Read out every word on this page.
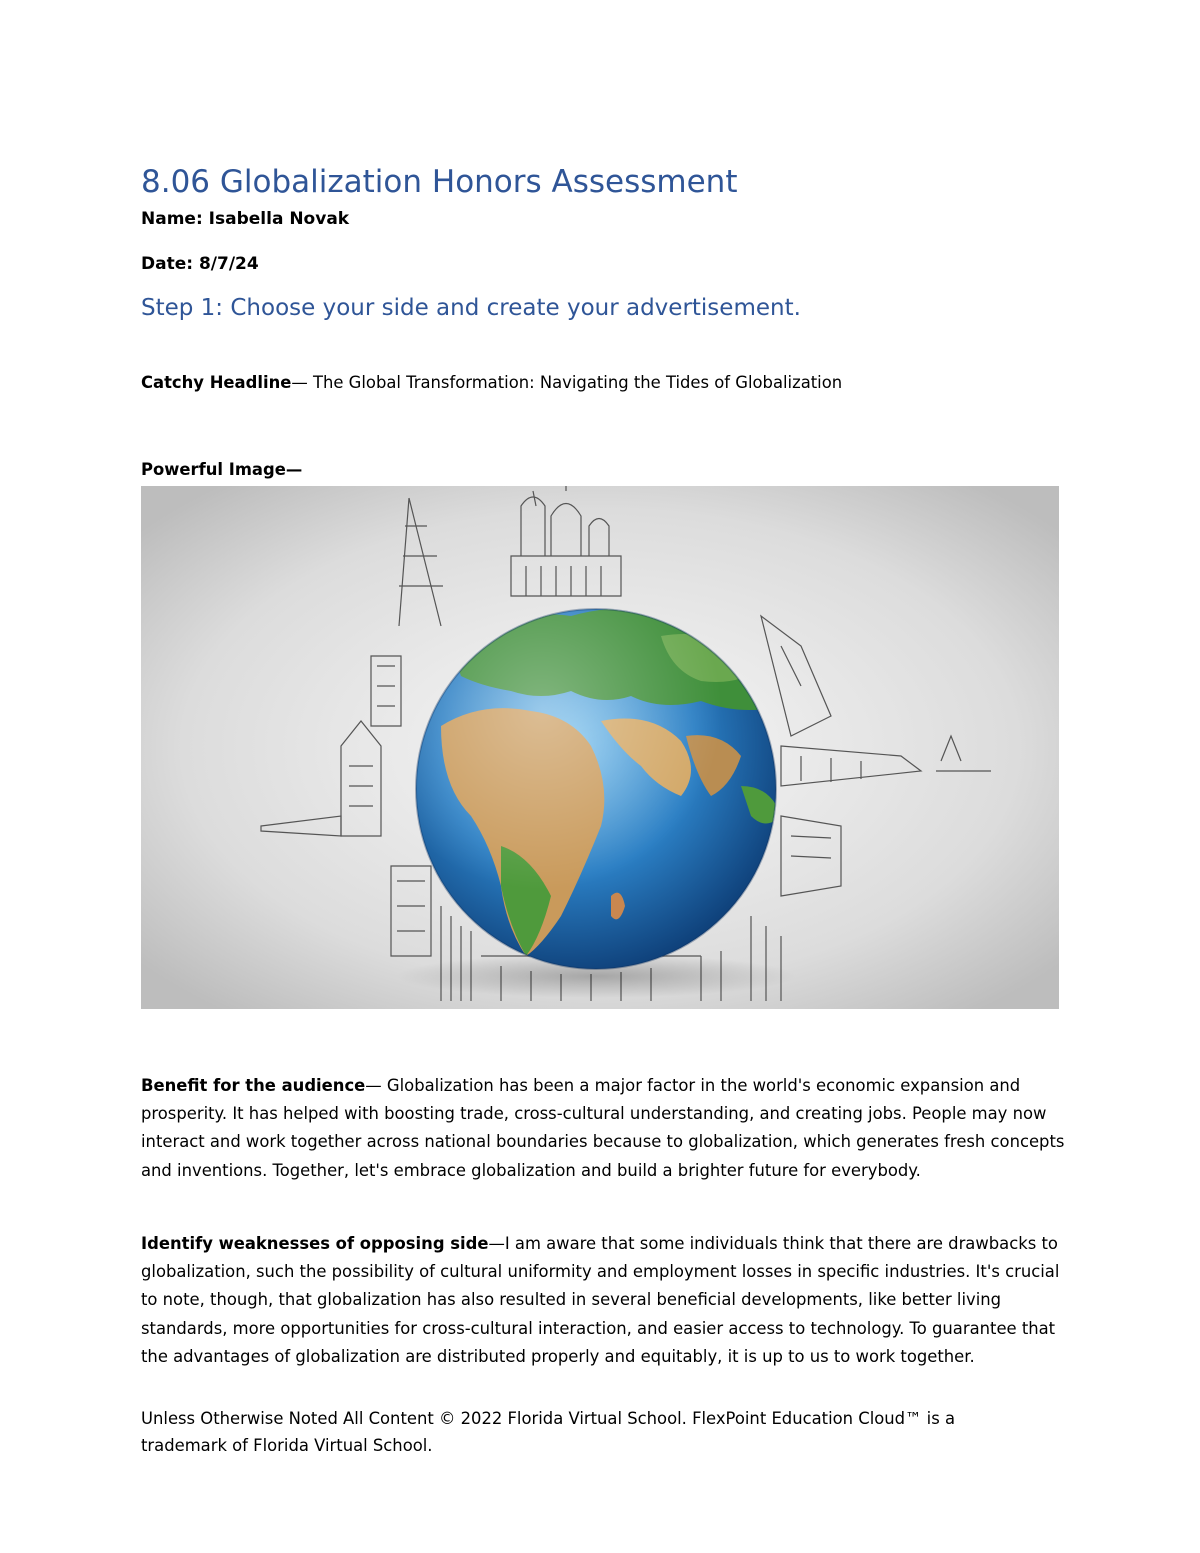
8.06 Globalization Honors Assessment

Name: Isabella Novak

Date: 8/7/24

Step 1: Choose your side and create your advertisement.

Catchy Headline— The Global Transformation: Navigating the Tides of Globalization

Powerful Image—

Benefit for the audience— Globalization has been a major factor in the world's economic expansion and prosperity. It has helped with boosting trade, cross-cultural understanding, and creating jobs. People may now interact and work together across national boundaries because to globalization, which generates fresh concepts and inventions. Together, let's embrace globalization and build a brighter future for everybody.

Identify weaknesses of opposing side—I am aware that some individuals think that there are drawbacks to globalization, such the possibility of cultural uniformity and employment losses in specific industries. It's crucial to note, though, that globalization has also resulted in several beneficial developments, like better living standards, more opportunities for cross-cultural interaction, and easier access to technology. To guarantee that the advantages of globalization are distributed properly and equitably, it is up to us to work together.

Unless Otherwise Noted All Content © 2022 Florida Virtual School. FlexPoint Education Cloud™ is a trademark of Florida Virtual School.
